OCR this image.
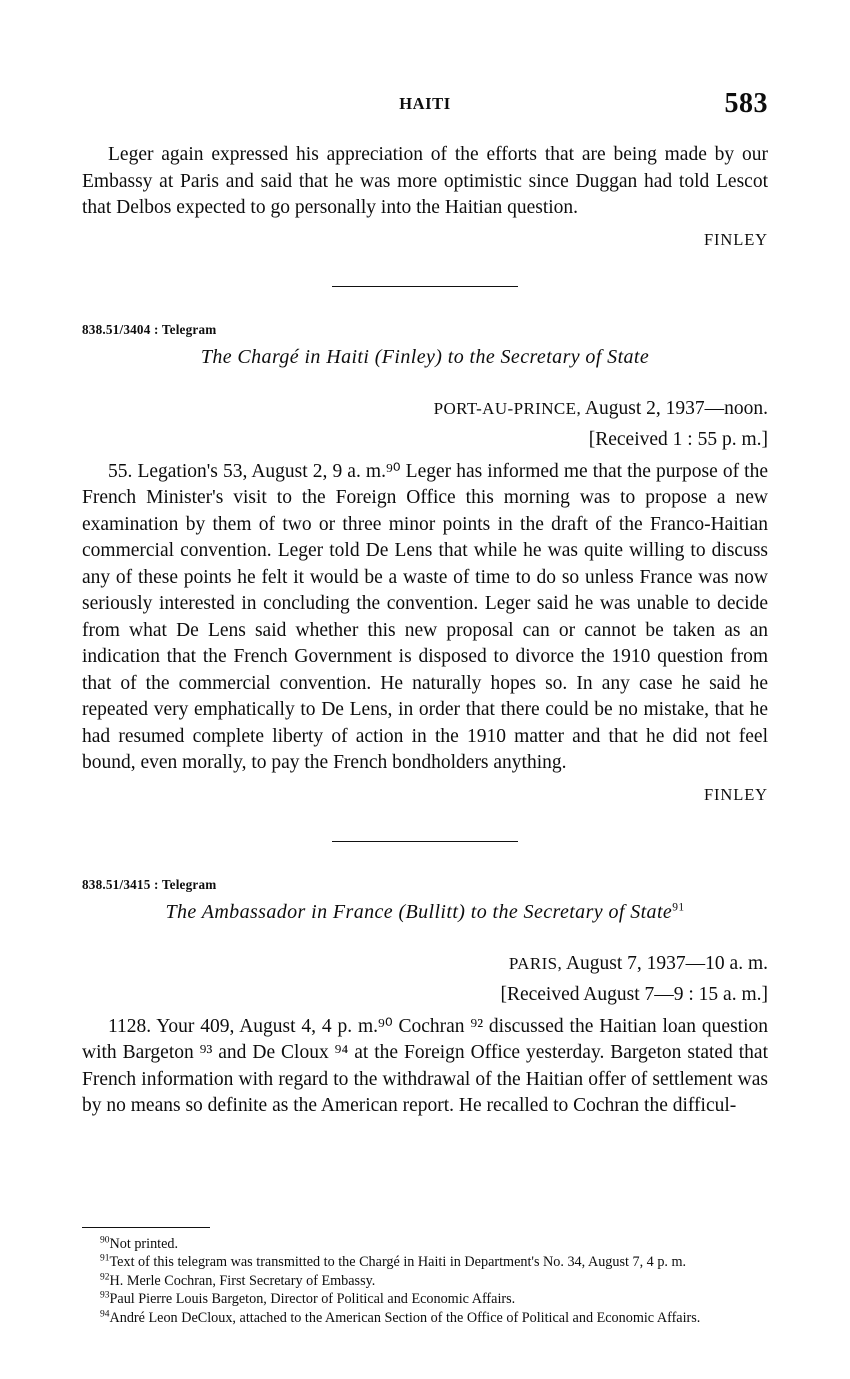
HAITI	583

Leger again expressed his appreciation of the efforts that are being made by our Embassy at Paris and said that he was more optimistic since Duggan had told Lescot that Delbos expected to go personally into the Haitian question.

FINLEY

838.51/3404 : Telegram
The Chargé in Haiti (Finley) to the Secretary of State
PORT-AU-PRINCE, August 2, 1937—noon.
[Received 1 : 55 p. m.]

55. Legation's 53, August 2, 9 a. m.⁹⁰ Leger has informed me that the purpose of the French Minister's visit to the Foreign Office this morning was to propose a new examination by them of two or three minor points in the draft of the Franco-Haitian commercial convention. Leger told De Lens that while he was quite willing to discuss any of these points he felt it would be a waste of time to do so unless France was now seriously interested in concluding the convention. Leger said he was unable to decide from what De Lens said whether this new proposal can or cannot be taken as an indication that the French Government is disposed to divorce the 1910 question from that of the commercial convention. He naturally hopes so. In any case he said he repeated very emphatically to De Lens, in order that there could be no mistake, that he had resumed complete liberty of action in the 1910 matter and that he did not feel bound, even morally, to pay the French bondholders anything.

FINLEY

838.51/3415 : Telegram
The Ambassador in France (Bullitt) to the Secretary of State$^{91}$
PARIS, August 7, 1937—10 a. m.
[Received August 7—9 : 15 a. m.]

1128. Your 409, August 4, 4 p. m.⁹⁰ Cochran ⁹² discussed the Haitian loan question with Bargeton ⁹³ and De Cloux ⁹⁴ at the Foreign Office yesterday. Bargeton stated that French information with regard to the withdrawal of the Haitian offer of settlement was by no means so definite as the American report. He recalled to Cochran the difficul-

$^{90}$Not printed.

$^{91}$Text of this telegram was transmitted to the Chargé in Haiti in Department's No. 34, August 7, 4 p. m.

$^{92}$H. Merle Cochran, First Secretary of Embassy.

$^{93}$Paul Pierre Louis Bargeton, Director of Political and Economic Affairs.

$^{94}$André Leon DeCloux, attached to the American Section of the Office of Political and Economic Affairs.
